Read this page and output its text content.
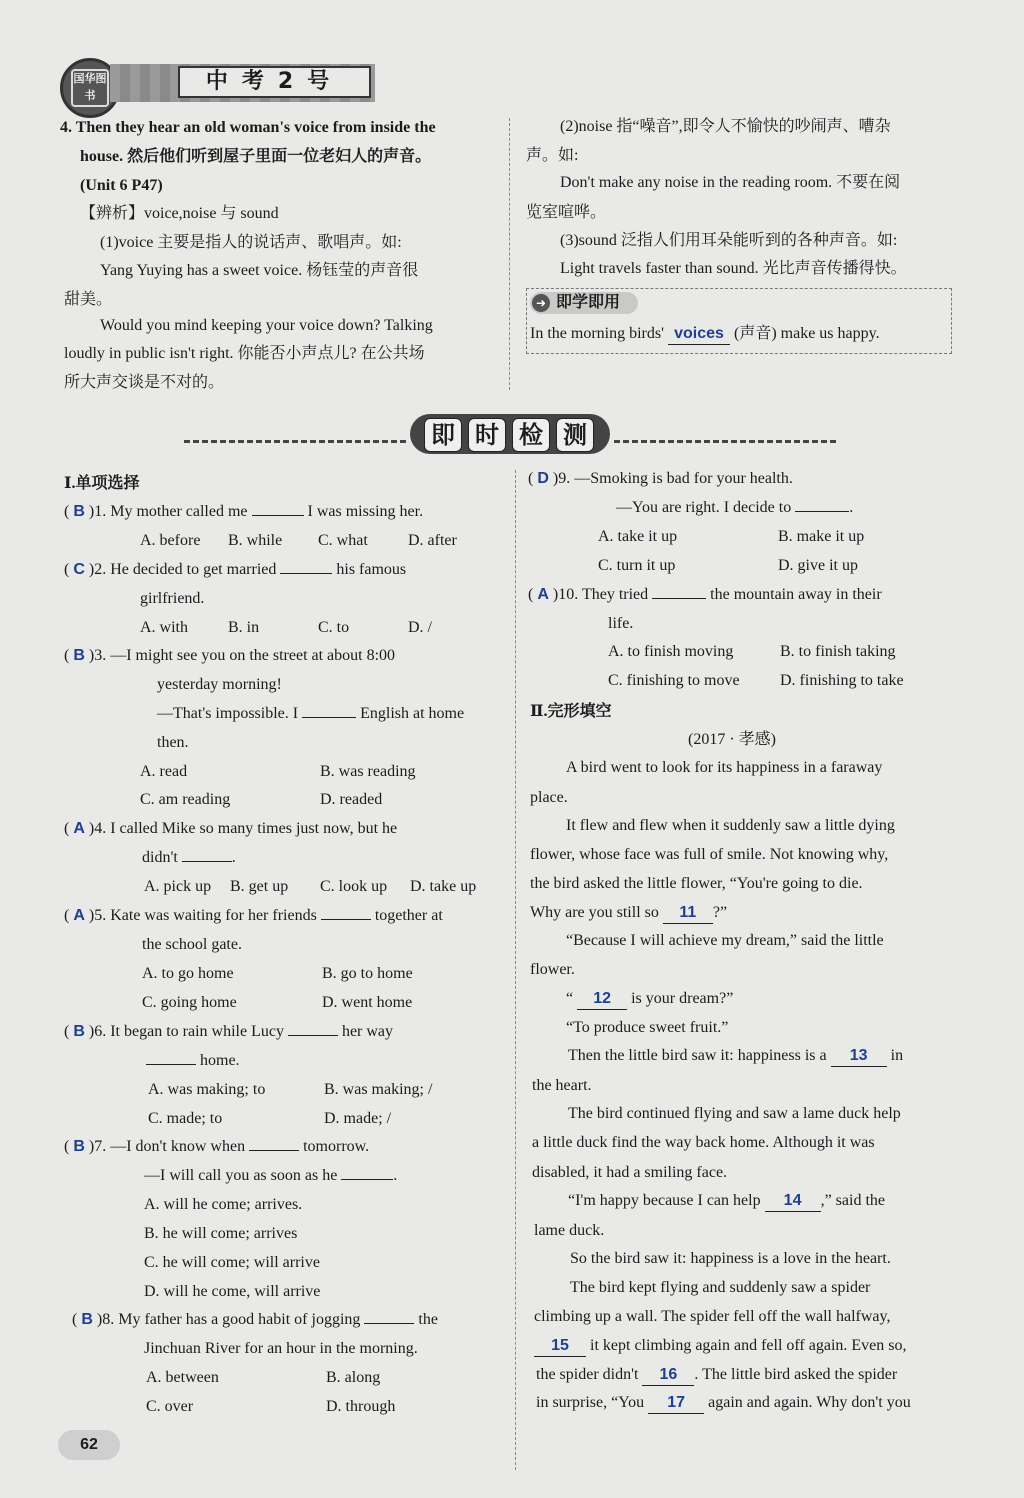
国华图书
中考2号
4. Then they hear an old woman's voice from inside the
house. 然后他们听到屋子里面一位老妇人的声音。
(Unit 6 P47)
【辨析】voice,noise 与 sound
(1)voice 主要是指人的说话声、歌唱声。如:
Yang Yuying has a sweet voice. 杨钰莹的声音很
甜美。
Would you mind keeping your voice down? Talking
loudly in public isn't right. 你能否小声点儿? 在公共场
所大声交谈是不对的。
(2)noise 指“噪音”,即令人不愉快的吵闹声、嘈杂
声。如:
Don't make any noise in the reading room. 不要在阅
览室喧哗。
(3)sound 泛指人们用耳朵能听到的各种声音。如:
Light travels faster than sound. 光比声音传播得快。
➜ 即学即用
In the morning birds' voices (声音) make us happy.
即 时 检 测
Ⅰ.单项选择
( B )1. My mother called me	I was missing her.
A. before B. while C. what	D. after
( C )2. He decided to get married	his famous
girlfriend.
A. with	B. in	C. to	D. /
( B )3. —I might see you on the street at about 8:00
yesterday morning!
—That's impossible. I	English at home
then.
A. read	B. was reading
C. am reading	D. readed
( A )4. I called Mike so many times just now, but he
didn't	.
A. pick up B. get up C. look up D. take up
( A )5. Kate was waiting for her friends	together at
the school gate.
A. to go home	B. go to home
C. going home	D. went home
( B )6. It began to rain while Lucy	her way
home.
A. was making; to	B. was making; /
C. made; to	D. made; /
( B )7. —I don't know when	tomorrow.
—I will call you as soon as he	.
A. will he come; arrives.
B. he will come; arrives
C. he will come; will arrive
D. will he come, will arrive
( B )8. My father has a good habit of jogging	the
Jinchuan River for an hour in the morning.
A. between	B. along
C. over	D. through
( D )9. —Smoking is bad for your health.
—You are right. I decide to	.
A. take it up	B. make it up
C. turn it up	D. give it up
( A )10. They tried	the mountain away in their
life.
A. to finish moving	B. to finish taking
C. finishing to move	D. finishing to take
Ⅱ.完形填空
(2017 · 孝感)
A bird went to look for its happiness in a faraway
place.
It flew and flew when it suddenly saw a little dying
flower, whose face was full of smile. Not knowing why,
the bird asked the little flower, “You're going to die.
Why are you still so 11 ?”
“Because I will achieve my dream,” said the little
flower.
“ 12 is your dream?”
“To produce sweet fruit.”
Then the little bird saw it: happiness is a 13 in
the heart.
The bird continued flying and saw a lame duck help
a little duck find the way back home. Although it was
disabled, it had a smiling face.
“I'm happy because I can help 14 ,” said the
lame duck.
So the bird saw it: happiness is a love in the heart.
The bird kept flying and suddenly saw a spider
climbing up a wall. The spider fell off the wall halfway,
15 it kept climbing again and fell off again. Even so,
the spider didn't 16 . The little bird asked the spider
in surprise, “You 17 again and again. Why don't you
62
